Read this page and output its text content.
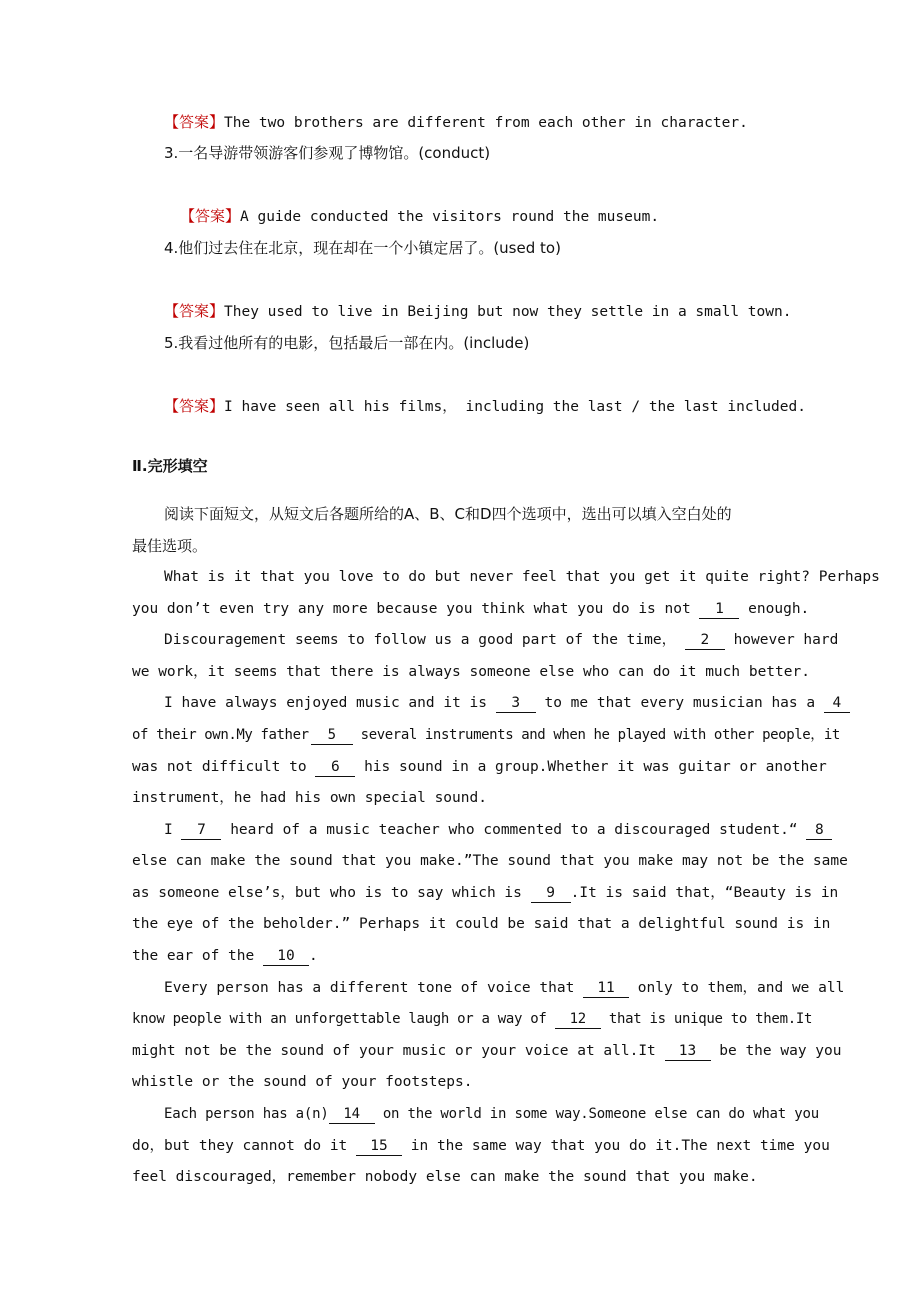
【答案】The two brothers are different from each other in character.
3.一名导游带领游客们参观了博物馆。(conduct)
【答案】A guide conducted the visitors round the museum.
4.他们过去住在北京，现在却在一个小镇定居了。(used to)
【答案】They used to live in Beijing but now they settle in a small town.
5.我看过他所有的电影，包括最后一部在内。(include)
【答案】I have seen all his films， including the last / the last included.
Ⅱ.完形填空
阅读下面短文，从短文后各题所给的A、B、C和D四个选项中，选出可以填入空白处的
最佳选项。
What is it that you love to do but never feel that you get it quite right? Perhaps
you don’t even try any more because you think what you do is not 1 enough.
Discouragement seems to follow us a good part of the time， 2 however hard
we work，it seems that there is always someone else who can do it much better.
I have always enjoyed music and it is 3 to me that every musician has a 4
of their own.My father 5 several instruments and when he played with other people，it
was not difficult to 6 his sound in a group.Whether it was guitar or another
instrument，he had his own special sound.
I 7 heard of a music teacher who commented to a discouraged student.“ 8
else can make the sound that you make.”The sound that you make may not be the same
as someone else’s，but who is to say which is 9 .It is said that，“Beauty is in
the eye of the beholder.” Perhaps it could be said that a delightful sound is in
the ear of the 10 .
Every person has a different tone of voice that 11 only to them，and we all
know people with an unforgettable laugh or a way of 12 that is unique to them.It
might not be the sound of your music or your voice at all.It 13 be the way you
whistle or the sound of your footsteps.
Each person has a(n) 14 on the world in some way.Someone else can do what you
do，but they cannot do it 15 in the same way that you do it.The next time you
feel discouraged，remember nobody else can make the sound that you make.
